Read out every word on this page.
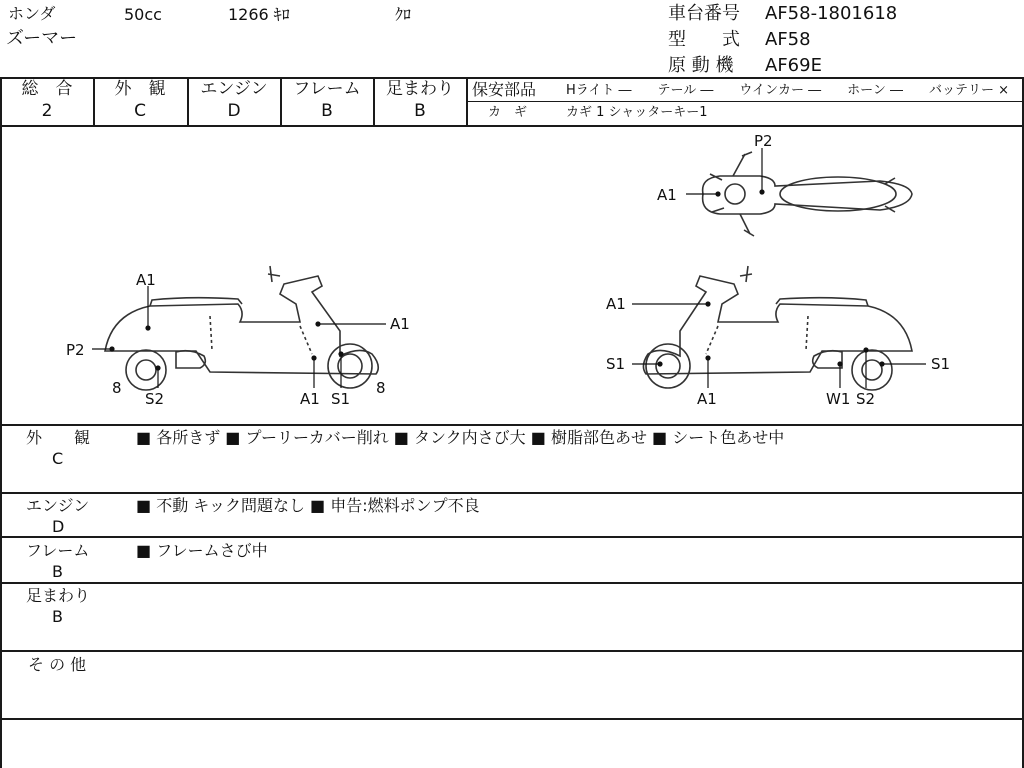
ホンダ	50cc	1266 ｷﾛ	ｸﾛ
ズーマー
車台番号 AF58-1801618
型　　式 AF58
原 動 機 AF69E
総　合
2
外　観
C
エンジン
D
フレーム
B
足まわり
B
保安部品 Hライト ―　　テール ―　　ウインカー ―　　ホーン ―　　バッテリー ×
カ　ギ	カギ 1 シャッターキー1
P2
A1
A1
A1
P2
8
S2	A1 S1
8
A1
S1
A1
S1
W1 S2
外　　観
C
■ 各所きず ■ プーリーカバー削れ ■ タンク内さび大 ■ 樹脂部色あせ ■ シート色あせ中
エンジン
D
■ 不動 キック問題なし ■ 申告:燃料ポンプ不良
フレーム
B
■ フレームさび中
足まわり
B
そ の 他
